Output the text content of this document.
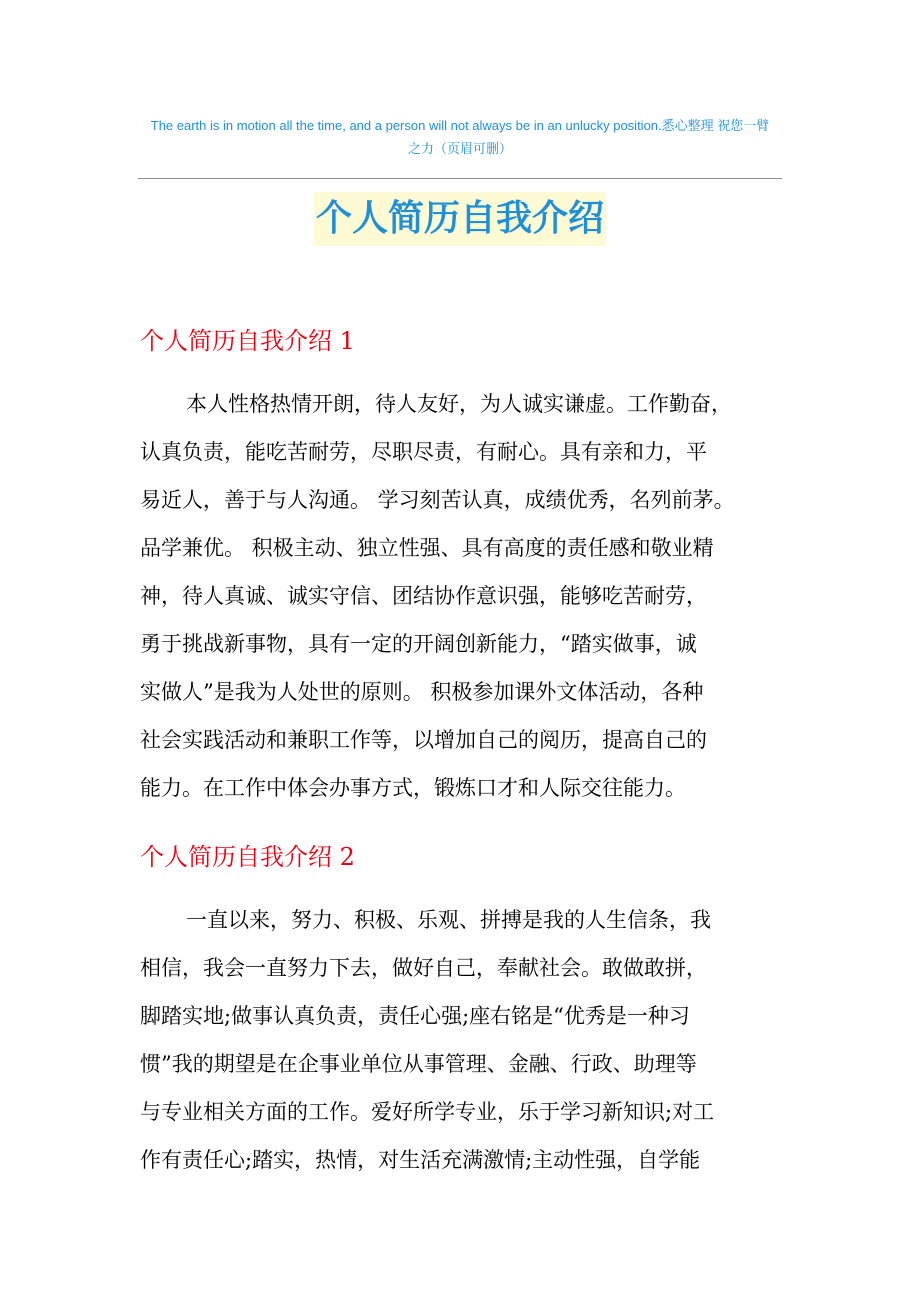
The earth is in motion all the time, and a person will not always be in an unlucky position.悉心整理 祝您一臂
之力（页眉可删）
个人简历自我介绍
个人简历自我介绍 1
本人性格热情开朗，待人友好，为人诚实谦虚。工作勤奋，
认真负责，能吃苦耐劳，尽职尽责，有耐心。具有亲和力，平
易近人，善于与人沟通。 学习刻苦认真，成绩优秀，名列前茅。
品学兼优。 积极主动、独立性强、具有高度的责任感和敬业精
神，待人真诚、诚实守信、团结协作意识强，能够吃苦耐劳，
勇于挑战新事物，具有一定的开阔创新能力，“踏实做事，诚
实做人”是我为人处世的原则。 积极参加课外文体活动，各种
社会实践活动和兼职工作等，以增加自己的阅历，提高自己的
能力。在工作中体会办事方式，锻炼口才和人际交往能力。
个人简历自我介绍 2
一直以来，努力、积极、乐观、拼搏是我的人生信条，我
相信，我会一直努力下去，做好自己，奉献社会。敢做敢拼，
脚踏实地;做事认真负责，责任心强;座右铭是“优秀是一种习
惯”我的期望是在企事业单位从事管理、金融、行政、助理等
与专业相关方面的工作。爱好所学专业，乐于学习新知识;对工
作有责任心;踏实，热情，对生活充满激情;主动性强，自学能
